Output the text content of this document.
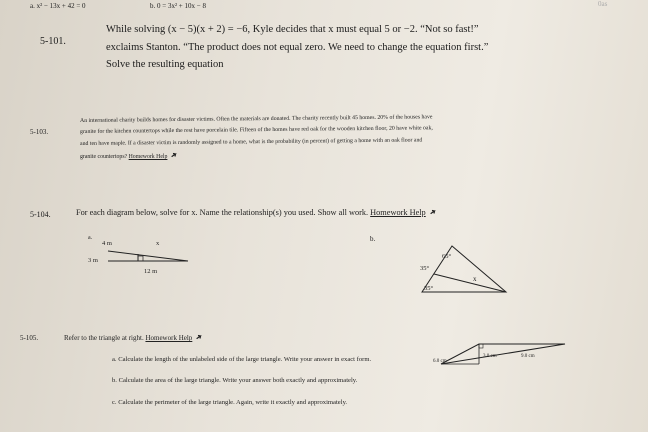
a. x² − 13x + 42 = 0	b. 0 = 3x² + 10x − 8	0as
5-101.
While solving (x − 5)(x + 2) = −6, Kyle decides that x must equal 5 or −2. “Not so fast!”
exclaims Stanton. “The product does not equal zero. We need to change the equation first.”
Solve the resulting equation
5-103.
An international charity builds homes for disaster victims. Often the materials are donated. The charity recently built 45 homes. 20% of the houses have
granite for the kitchen countertops while the rest have porcelain tile. Fifteen of the homes have red oak for the wooden kitchen floor, 20 have white oak,
and ten have maple. If a disaster victim is randomly assigned to a home, what is the probability (in percent) of getting a home with an oak floor and
granite countertops? Homework Help
5-104.	For each diagram below, solve for x. Name the relationship(s) you used. Show all work. Homework Help
a.
4 m	x
3 m
12 m
b.
65°
35°
35°
x
5-105.	Refer to the triangle at right. Homework Help
a. Calculate the length of the unlabeled side of the large triangle. Write your answer in exact form.
b. Calculate the area of the large triangle. Write your answer both exactly and approximately.
c. Calculate the perimeter of the large triangle. Again, write it exactly and approximately.
3.0 cm
6.0 cm
9.0 cm
